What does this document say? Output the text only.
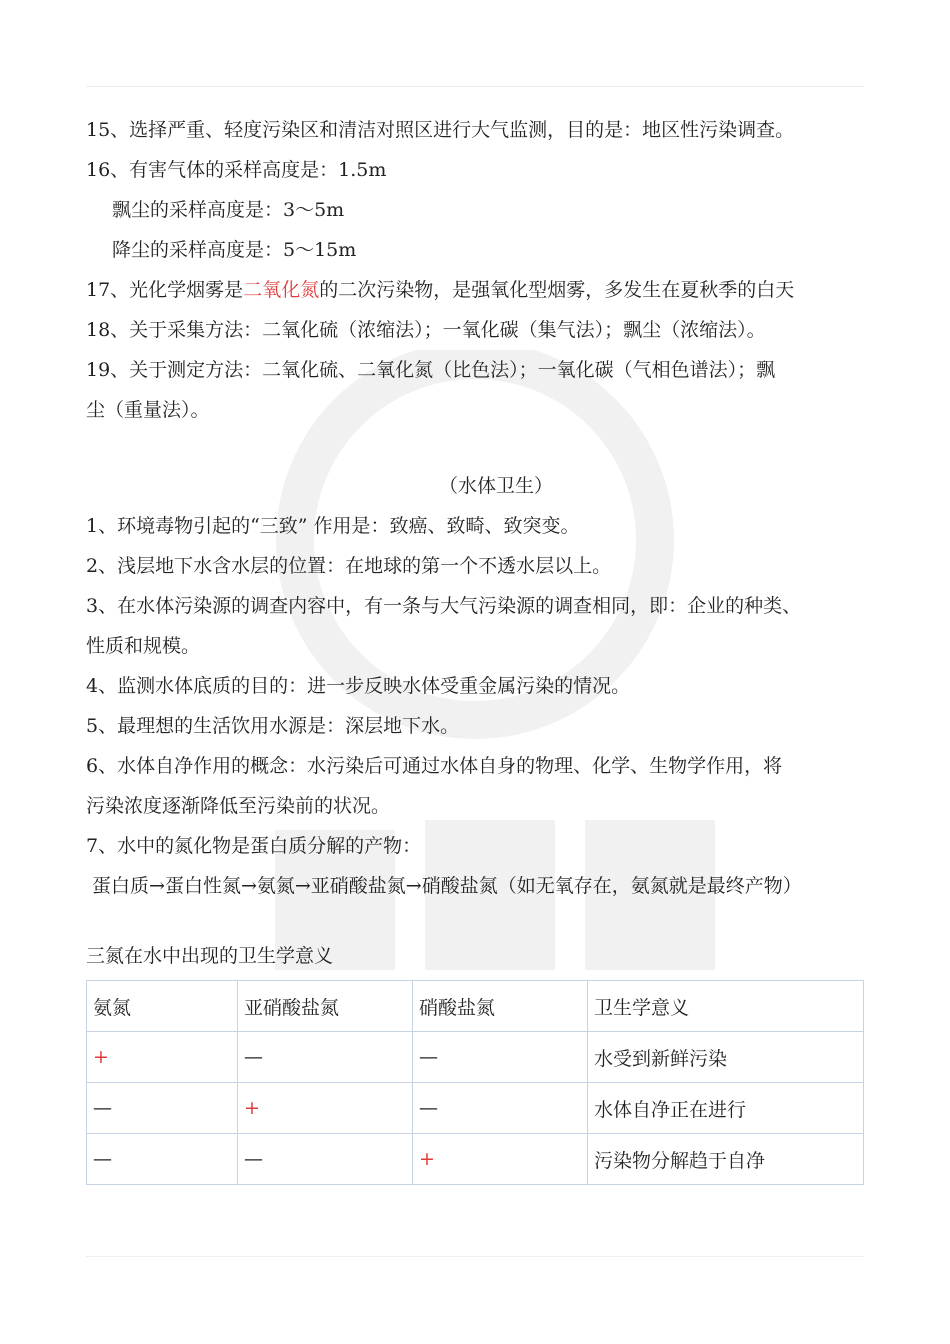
15、选择严重、轻度污染区和清洁对照区进行大气监测，目的是：地区性污染调查。
16、有害气体的采样高度是：1.5m
飘尘的采样高度是：3～5m
降尘的采样高度是：5～15m
17、光化学烟雾是二氧化氮的二次污染物，是强氧化型烟雾，多发生在夏秋季的白天
18、关于采集方法：二氧化硫（浓缩法）；一氧化碳（集气法）；飘尘（浓缩法）。
19、关于测定方法：二氧化硫、二氧化氮（比色法）；一氧化碳（气相色谱法）；飘
尘（重量法）。
（水体卫生）
1、环境毒物引起的“三致” 作用是：致癌、致畸、致突变。
2、浅层地下水含水层的位置：在地球的第一个不透水层以上。
3、在水体污染源的调查内容中，有一条与大气污染源的调查相同，即：企业的种类、
性质和规模。
4、监测水体底质的目的：进一步反映水体受重金属污染的情况。
5、最理想的生活饮用水源是：深层地下水。
6、水体自净作用的概念：水污染后可通过水体自身的物理、化学、生物学作用，将
污染浓度逐渐降低至污染前的状况。
7、水中的氮化物是蛋白质分解的产物：
蛋白质→蛋白性氮→氨氮→亚硝酸盐氮→硝酸盐氮（如无氧存在，氨氮就是最终产物）
三氮在水中出现的卫生学意义
氨氮	亚硝酸盐氮	硝酸盐氮	卫生学意义
+	—	—	水受到新鲜污染
—	+	—	水体自净正在进行
—	—	+	污染物分解趋于自净
